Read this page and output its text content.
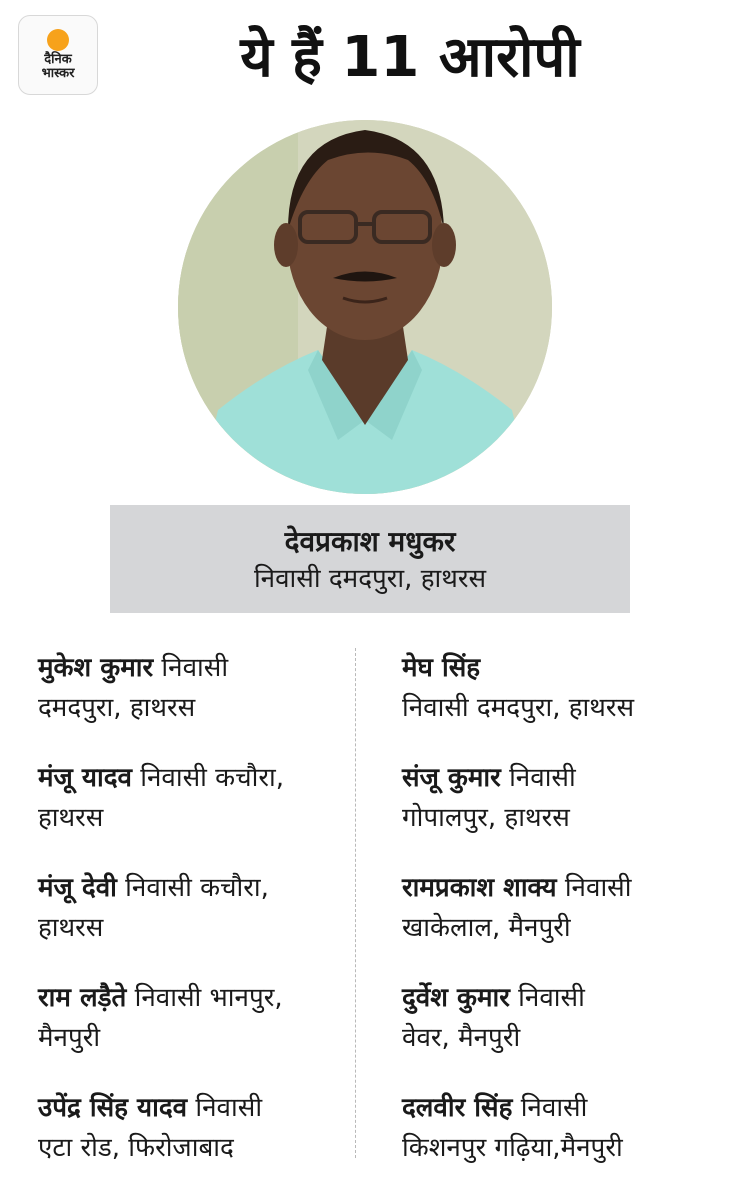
दैनिक
भास्कर	ये हैं 11 आरोपी
देवप्रकाश मधुकर
निवासी दमदपुरा, हाथरस
मुकेश कुमार निवासी
दमदपुरा, हाथरस
मंजू यादव निवासी कचौरा,
हाथरस
मंजू देवी निवासी कचौरा,
हाथरस
राम लड़ैते निवासी भानपुर,
मैनपुरी
उपेंद्र सिंह यादव निवासी
एटा रोड, फिरोजाबाद
मेघ सिंह
निवासी दमदपुरा, हाथरस
संजू कुमार निवासी
गोपालपुर, हाथरस
रामप्रकाश शाक्य निवासी
खाकेलाल, मैनपुरी
दुर्वेश कुमार निवासी
वेवर, मैनपुरी
दलवीर सिंह निवासी
किशनपुर गढ़िया,मैनपुरी
